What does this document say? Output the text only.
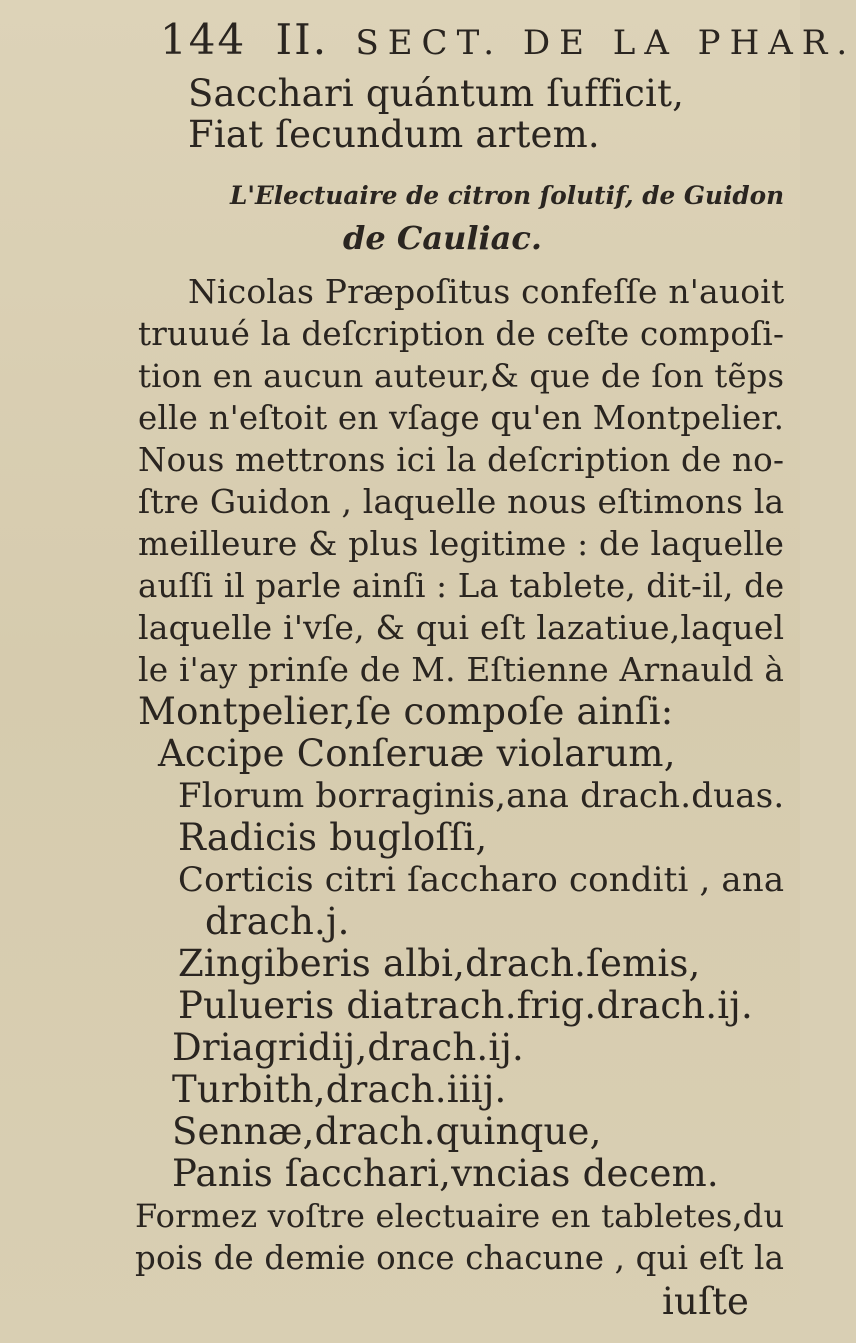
144 II. SECT. DE LA PHAR.
Sacchari quántum ſufficit,
Fiat ſecundum artem.
L'Electuaire de citron ſolutif, de Guidon
de Cauliac.
Nicolas Præpoſitus confeſſe n'auoit
truuué la deſcription de ceſte compoſi-
tion en aucun auteur,& que de ſon tẽps
elle n'eſtoit en vſage qu'en Montpelier.
Nous mettrons ici la deſcription de no-
ſtre Guidon , laquelle nous eſtimons la
meilleure & plus legitime : de laquelle
auſſi il parle ainſi : La tablete, dit-il, de
laquelle i'vſe, & qui eſt lazatiue,laquel
le i'ay prinſe de M. Eſtienne Arnauld à
Montpelier,ſe compoſe ainſi:
Accipe Conſeruæ violarum,
Florum borraginis,ana drach.duas.
Radicis bugloſſi,
Corticis citri ſaccharo conditi , ana
drach.j.
Zingiberis albi,drach.ſemis,
Pulueris diatrach.frig.drach.ij.
Driagridij,drach.ij.
Turbith,drach.iiij.
Sennæ,drach.quinque,
Panis ſacchari,vncias decem.
Formez voſtre electuaire en tabletes,du
pois de demie once chacune , qui eſt la
iuſte
